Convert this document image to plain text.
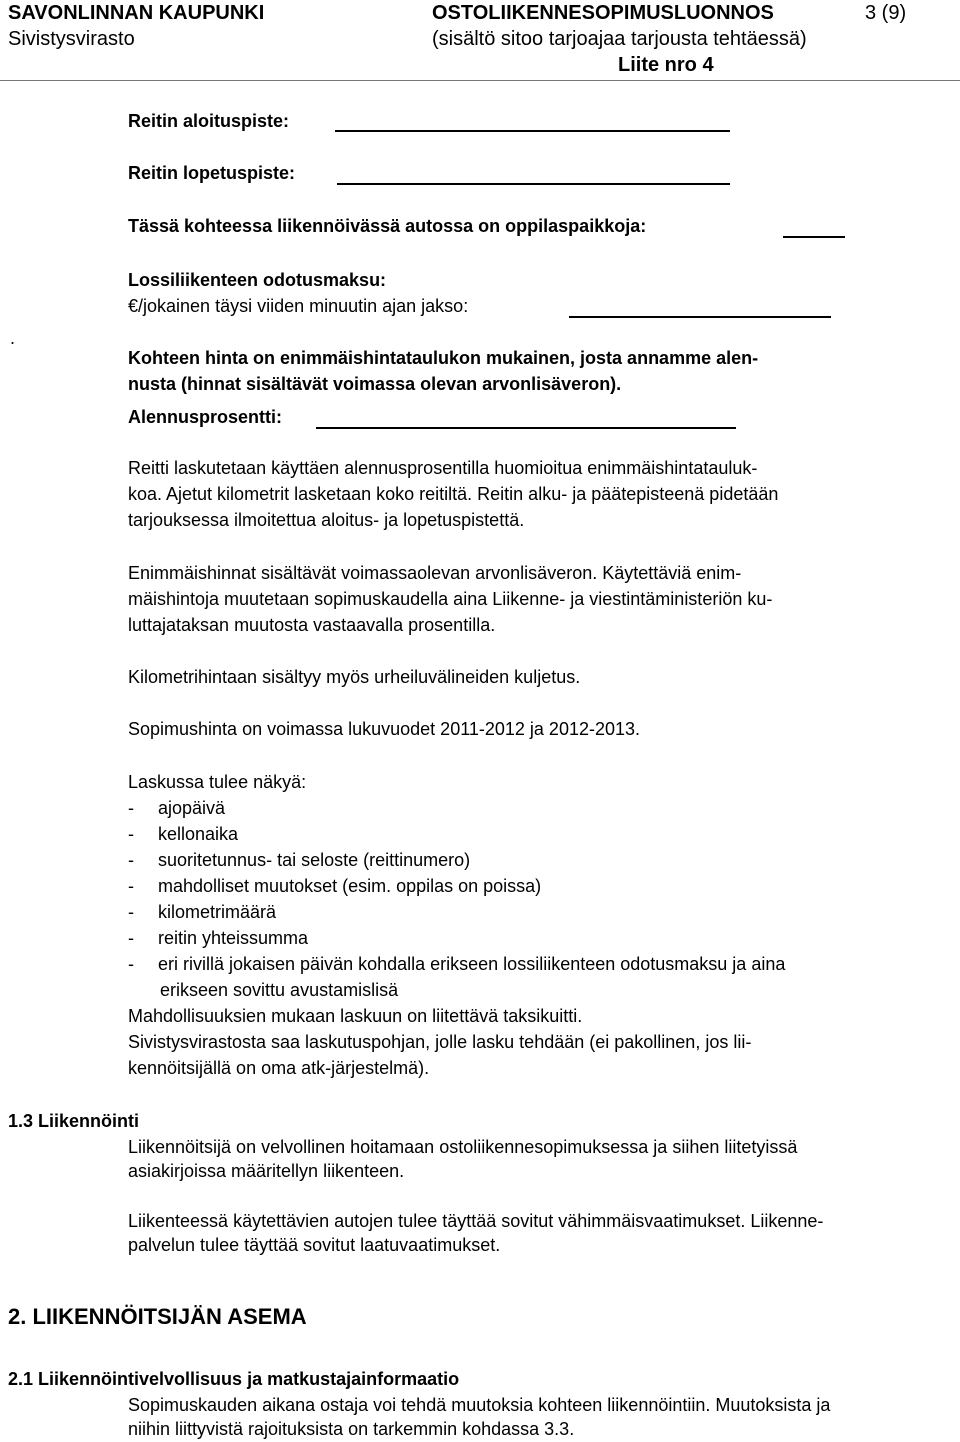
SAVONLINNAN KAUPUNKI
Sivistysvirasto
OSTOLIIKENNESOPIMUSLUONNOS
(sisältö sitoo tarjoajaa tarjousta tehtäessä)
3 (9)
Liite nro 4
Reitin aloituspiste:
Reitin lopetuspiste:
Tässä kohteessa liikennöivässä autossa on oppilaspaikkoja:
Lossiliikenteen odotusmaksu:
€/jokainen täysi viiden minuutin ajan jakso:
.
Kohteen hinta on enimmäishintataulukon mukainen, josta annamme alen-
nusta (hinnat sisältävät voimassa olevan arvonlisäveron).
Alennusprosentti:
Reitti laskutetaan käyttäen alennusprosentilla huomioitua enimmäishintatauluk-
koa. Ajetut kilometrit lasketaan koko reitiltä. Reitin alku- ja päätepisteenä pidetään
tarjouksessa ilmoitettua aloitus- ja lopetuspistettä.
Enimmäishinnat sisältävät voimassaolevan arvonlisäveron. Käytettäviä enim-
mäishintoja muutetaan sopimuskaudella aina Liikenne- ja viestintäministeriön ku-
luttajataksan muutosta vastaavalla prosentilla.
Kilometrihintaan sisältyy myös urheiluvälineiden kuljetus.
Sopimushinta on voimassa lukuvuodet 2011-2012 ja 2012-2013.
Laskussa tulee näkyä:
- ajopäivä
- kellonaika
- suoritetunnus- tai seloste (reittinumero)
- mahdolliset muutokset (esim. oppilas on poissa)
- kilometrimäärä
- reitin yhteissumma
- eri rivillä jokaisen päivän kohdalla erikseen lossiliikenteen odotusmaksu ja aina
erikseen sovittu avustamislisä
Mahdollisuuksien mukaan laskuun on liitettävä taksikuitti.
Sivistysvirastosta saa laskutuspohjan, jolle lasku tehdään (ei pakollinen, jos lii-
kennöitsijällä on oma atk-järjestelmä).
1.3 Liikennöinti
Liikennöitsijä on velvollinen hoitamaan ostoliikennesopimuksessa ja siihen liitetyissä
asiakirjoissa määritellyn liikenteen.
Liikenteessä käytettävien autojen tulee täyttää sovitut vähimmäisvaatimukset. Liikenne-
palvelun tulee täyttää sovitut laatuvaatimukset.
2. LIIKENNÖITSIJÄN ASEMA
2.1 Liikennöintivelvollisuus ja matkustajainformaatio
Sopimuskauden aikana ostaja voi tehdä muutoksia kohteen liikennöintiin. Muutoksista ja
niihin liittyvistä rajoituksista on tarkemmin kohdassa 3.3.
